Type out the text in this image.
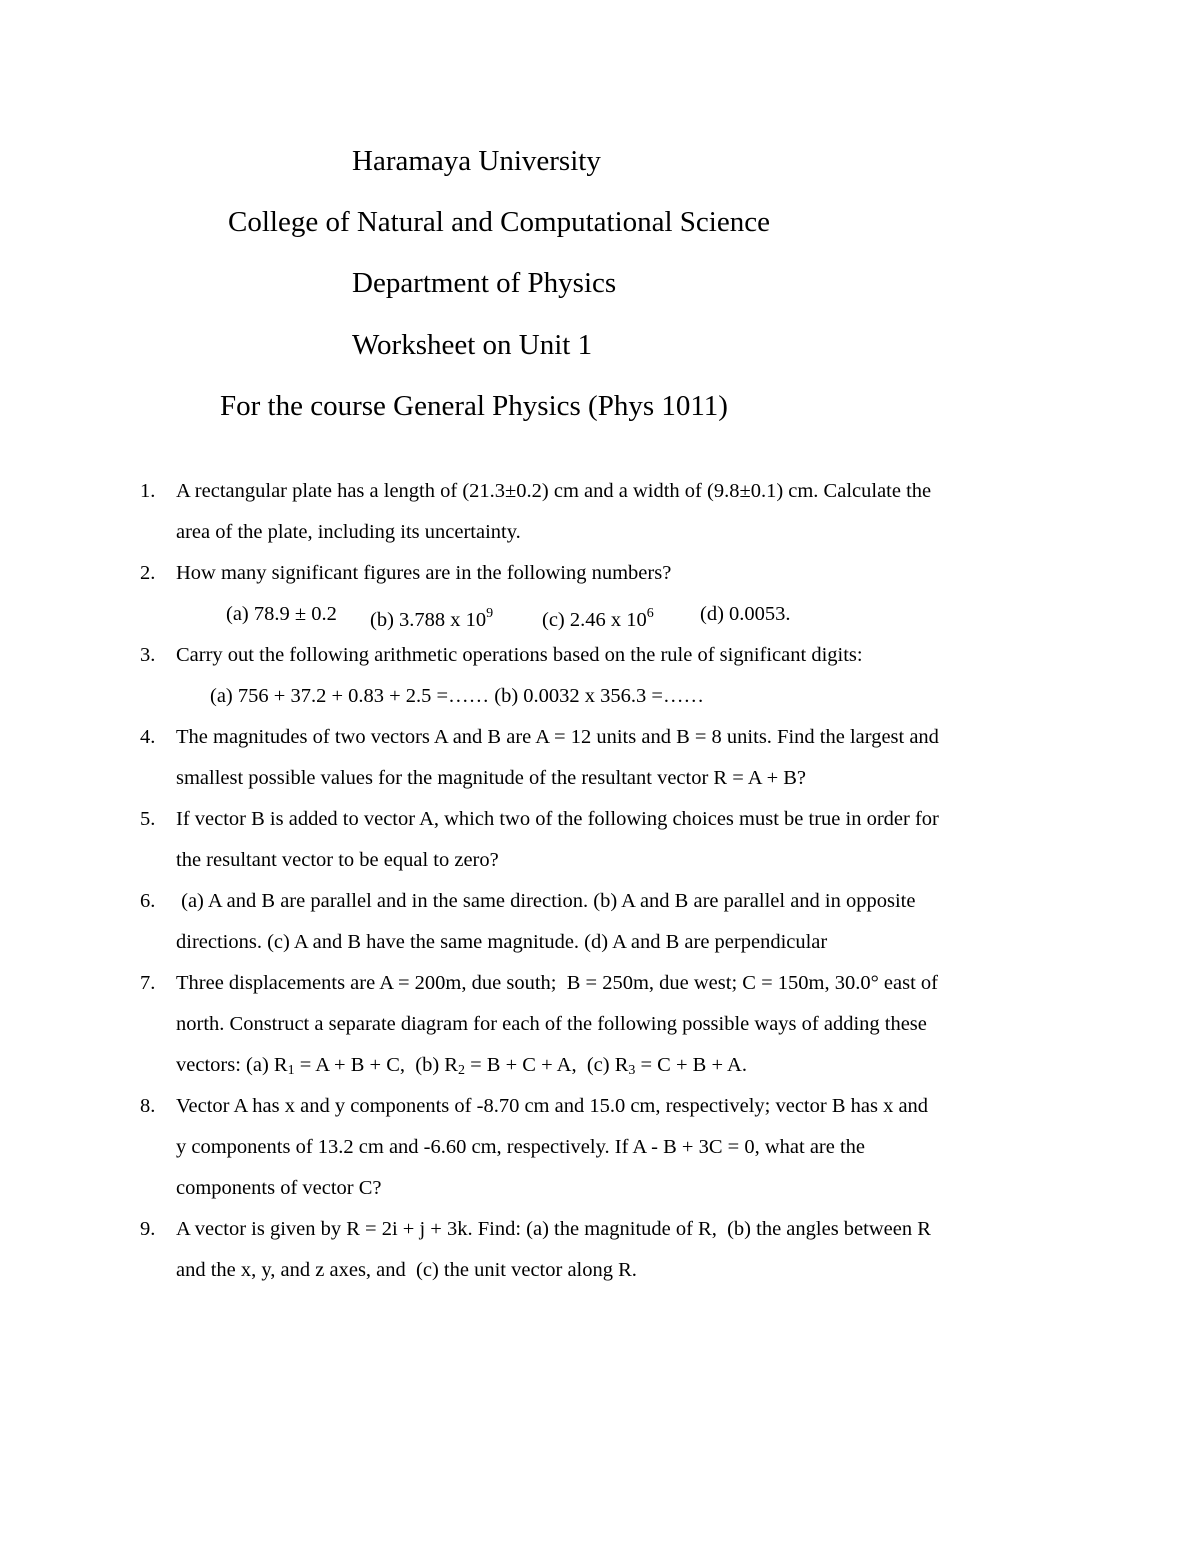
Haramaya University
College of Natural and Computational Science
Department of Physics
Worksheet on Unit 1
For the course General Physics (Phys 1011)
1.	A rectangular plate has a length of (21.3±0.2) cm and a width of (9.8±0.1) cm. Calculate the
area of the plate, including its uncertainty.
2.	How many significant figures are in the following numbers?
(a) 78.9 ± 0.2 (b) 3.788 x $10^9$ (c) 2.46 x $10^6$ (d) 0.0053.
3.	Carry out the following arithmetic operations based on the rule of significant digits:
(a) 756 + 37.2 + 0.83 + 2.5 =…… (b) 0.0032 x 356.3 =……
4.	The magnitudes of two vectors A and B are A = 12 units and B = 8 units. Find the largest and
smallest possible values for the magnitude of the resultant vector R = A + B?
5.	If vector B is added to vector A, which two of the following choices must be true in order for
the resultant vector to be equal to zero?
6.	(a) A and B are parallel and in the same direction. (b) A and B are parallel and in opposite
directions. (c) A and B have the same magnitude. (d) A and B are perpendicular
7.	Three displacements are A = 200m, due south;  B = 250m, due west; C = 150m, 30.0° east of
north. Construct a separate diagram for each of the following possible ways of adding these
vectors: (a) $R_1 = A + B + C$,  (b) $R_2 = B + C + A$,  (c) $R_3 = C + B + A$.
8.	Vector A has x and y components of -8.70 cm and 15.0 cm, respectively; vector B has x and
y components of 13.2 cm and -6.60 cm, respectively. If A - B + 3C = 0, what are the
components of vector C?
9.	A vector is given by R = 2i + j + 3k. Find: (a) the magnitude of R,  (b) the angles between R
and the x, y, and z axes, and  (c) the unit vector along R.
